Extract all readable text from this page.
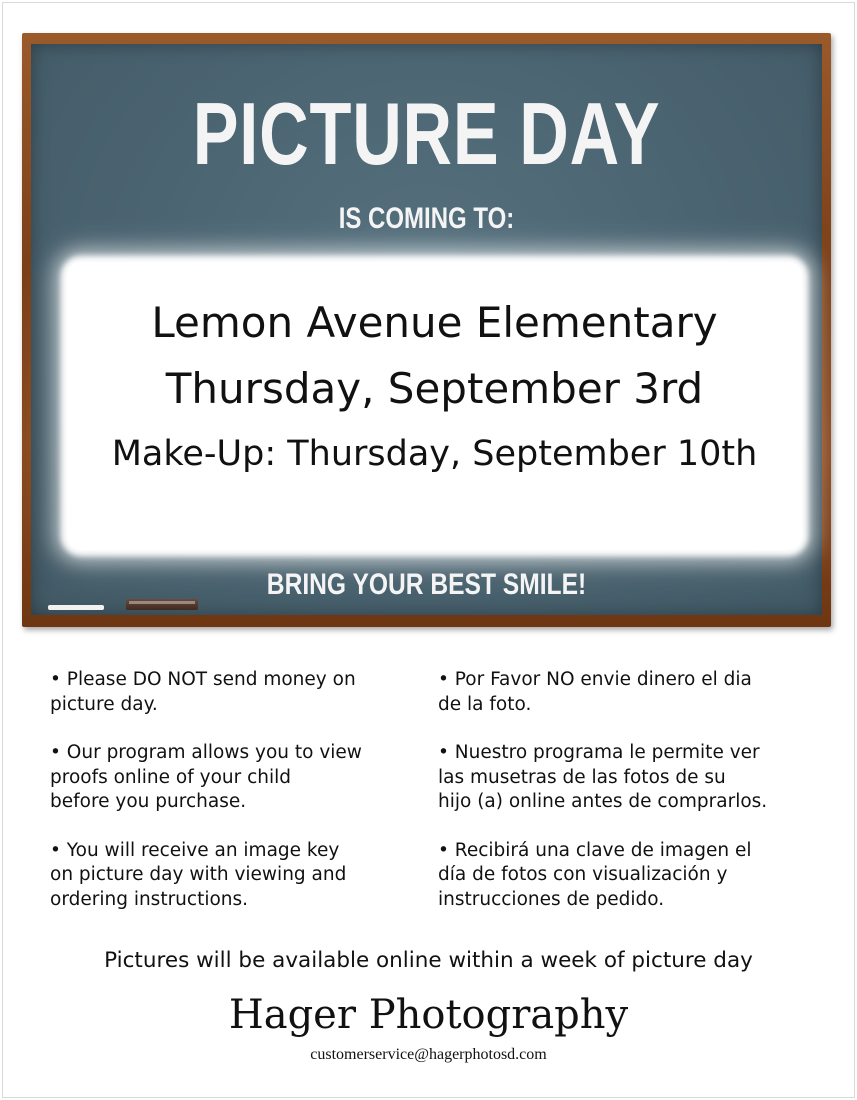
PICTURE DAY
IS COMING TO:
Lemon Avenue Elementary
Thursday, September 3rd
Make-Up: Thursday, September 10th
BRING YOUR BEST SMILE!

• Please DO NOT send money on
picture day.

• Our program allows you to view
proofs online of your child
before you purchase.

• You will receive an image key
on picture day with viewing and
ordering instructions.

• Por Favor NO envie dinero el dia
de la foto.

• Nuestro programa le permite ver
las musetras de las fotos de su
hijo (a) online antes de comprarlos.

• Recibirá una clave de imagen el
día de fotos con visualización y
instrucciones de pedido.

Pictures will be available online within a week of picture day
Hager Photography
customerservice@hagerphotosd.com
